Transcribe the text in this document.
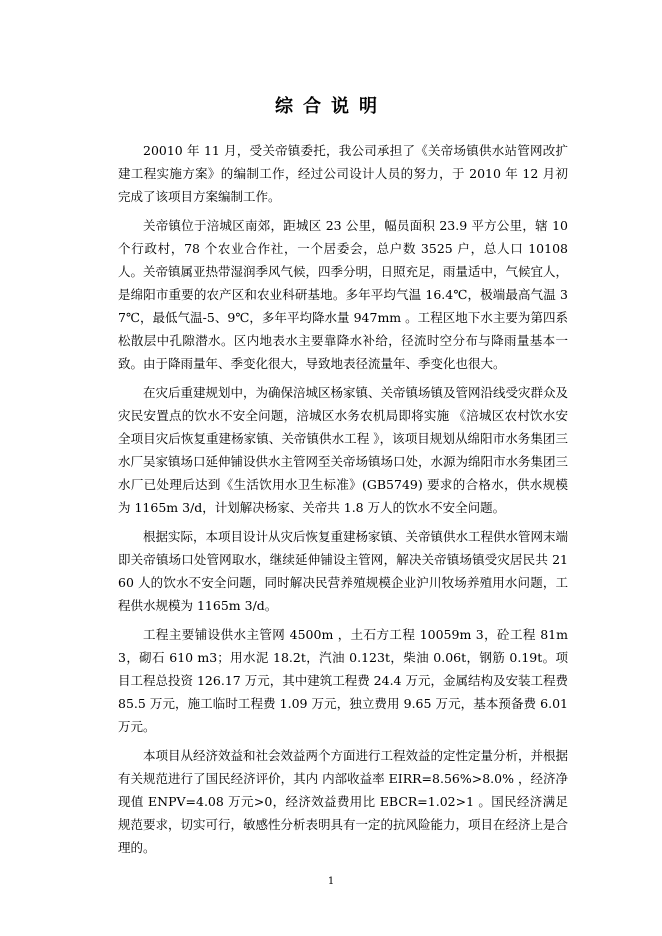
综合说明

20010 年 11 月，受关帝镇委托，我公司承担了《关帝场镇供水站管网改扩建工程实施方案》的编制工作，经过公司设计人员的努力，于 2010 年 12 月初完成了该项目方案编制工作。

关帝镇位于涪城区南郊，距城区 23 公里，幅员面积 23.9 平方公里，辖 10 个行政村，78 个农业合作社，一个居委会，总户数 3525 户，总人口 10108 人。关帝镇属亚热带湿润季风气候，四季分明，日照充足，雨量适中，气候宜人，是绵阳市重要的农产区和农业科研基地。多年平均气温 16.4℃，极端最高气温 37℃，最低气温-5、9℃，多年平均降水量 947mm 。工程区地下水主要为第四系松散层中孔隙潜水。区内地表水主要靠降水补给，径流时空分布与降雨量基本一致。由于降雨量年、季变化很大，导致地表径流量年、季变化也很大。

在灾后重建规划中，为确保涪城区杨家镇、关帝镇场镇及管网沿线受灾群众及灾民安置点的饮水不安全问题，涪城区水务农机局即将实施 《涪城区农村饮水安全项目灾后恢复重建杨家镇、关帝镇供水工程 》，该项目规划从绵阳市水务集团三水厂吴家镇场口延伸铺设供水主管网至关帝场镇场口处，水源为绵阳市水务集团三水厂已处理后达到《生活饮用水卫生标准》(GB5749) 要求的合格水，供水规模为 1165m 3/d，计划解决杨家、关帝共 1.8 万人的饮水不安全问题。

根据实际，本项目设计从灾后恢复重建杨家镇、关帝镇供水工程供水管网末端即关帝镇场口处管网取水，继续延伸铺设主管网，解决关帝镇场镇受灾居民共 2160 人的饮水不安全问题，同时解决民营养殖规模企业沪川牧场养殖用水问题，工程供水规模为 1165m 3/d。

工程主要铺设供水主管网 4500m ，土石方工程 10059m 3，砼工程 81m 3，砌石 610 m3；用水泥 18.2t，汽油 0.123t，柴油 0.06t，钢筋 0.19t。项目工程总投资 126.17 万元，其中建筑工程费 24.4 万元，金属结构及安装工程费 85.5 万元，施工临时工程费 1.09 万元，独立费用 9.65 万元，基本预备费 6.01 万元。

本项目从经济效益和社会效益两个方面进行工程效益的定性定量分析，并根据有关规范进行了国民经济评价，其内 内部收益率 EIRR=8.56%>8.0% ，经济净现值 ENPV=4.08 万元>0，经济效益费用比 EBCR=1.02>1 。国民经济满足规范要求，切实可行，敏感性分析表明具有一定的抗风险能力，项目在经济上是合理的。

1
